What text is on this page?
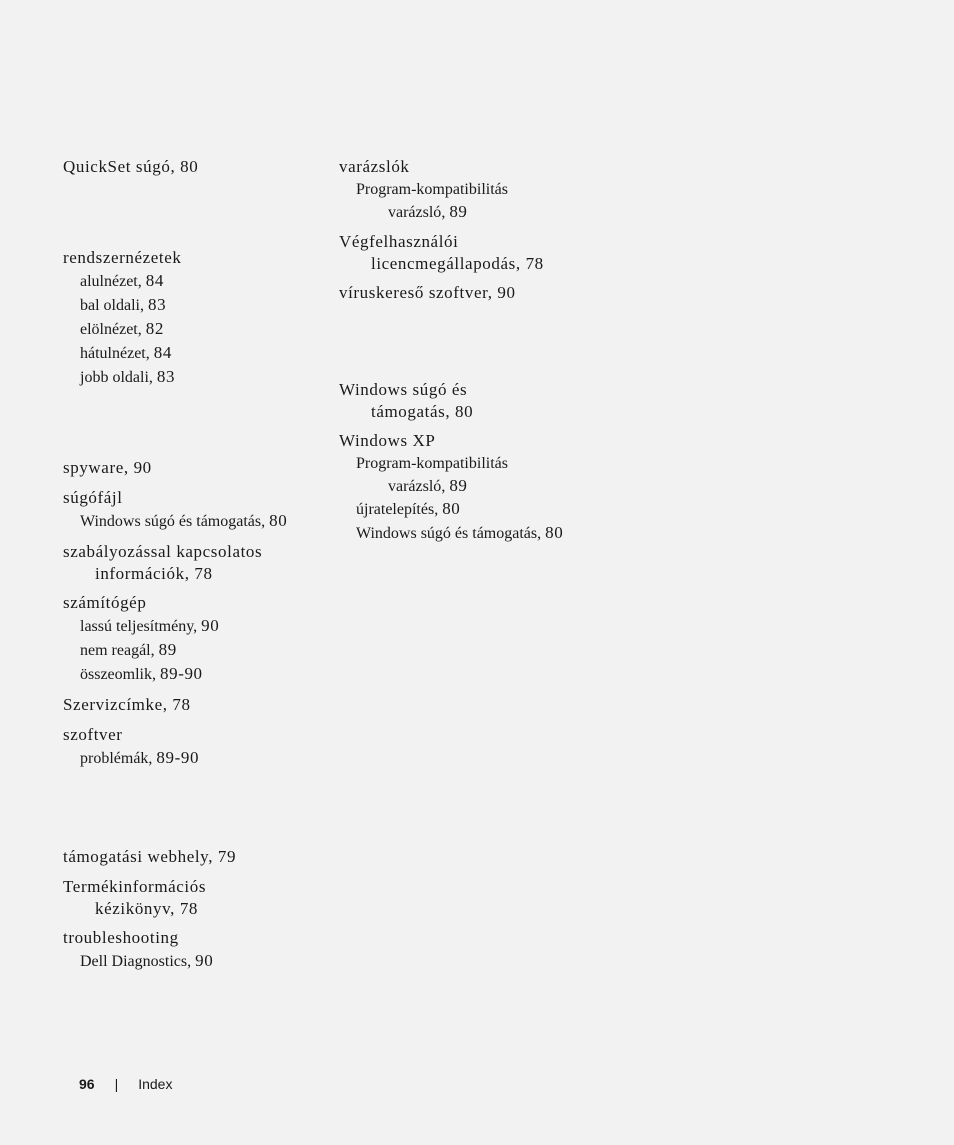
QuickSet súgó, 80
rendszernézetek
alulnézet, 84
bal oldali, 83
elölnézet, 82
hátulnézet, 84
jobb oldali, 83
spyware, 90
súgófájl
Windows súgó és támogatás, 80
szabályozással kapcsolatos
információk, 78
számítógép
lassú teljesítmény, 90
nem reagál, 89
összeomlik, 89-90
Szervizcímke, 78
szoftver
problémák, 89-90
támogatási webhely, 79
Termékinformációs
kézikönyv, 78
troubleshooting
Dell Diagnostics, 90
varázslók
Program-kompatibilitás
varázsló, 89
Végfelhasználói
licencmegállapodás, 78
víruskereső szoftver, 90
Windows súgó és
támogatás, 80
Windows XP
Program-kompatibilitás
varázsló, 89
újratelepítés, 80
Windows súgó és támogatás, 80
96 | Index
